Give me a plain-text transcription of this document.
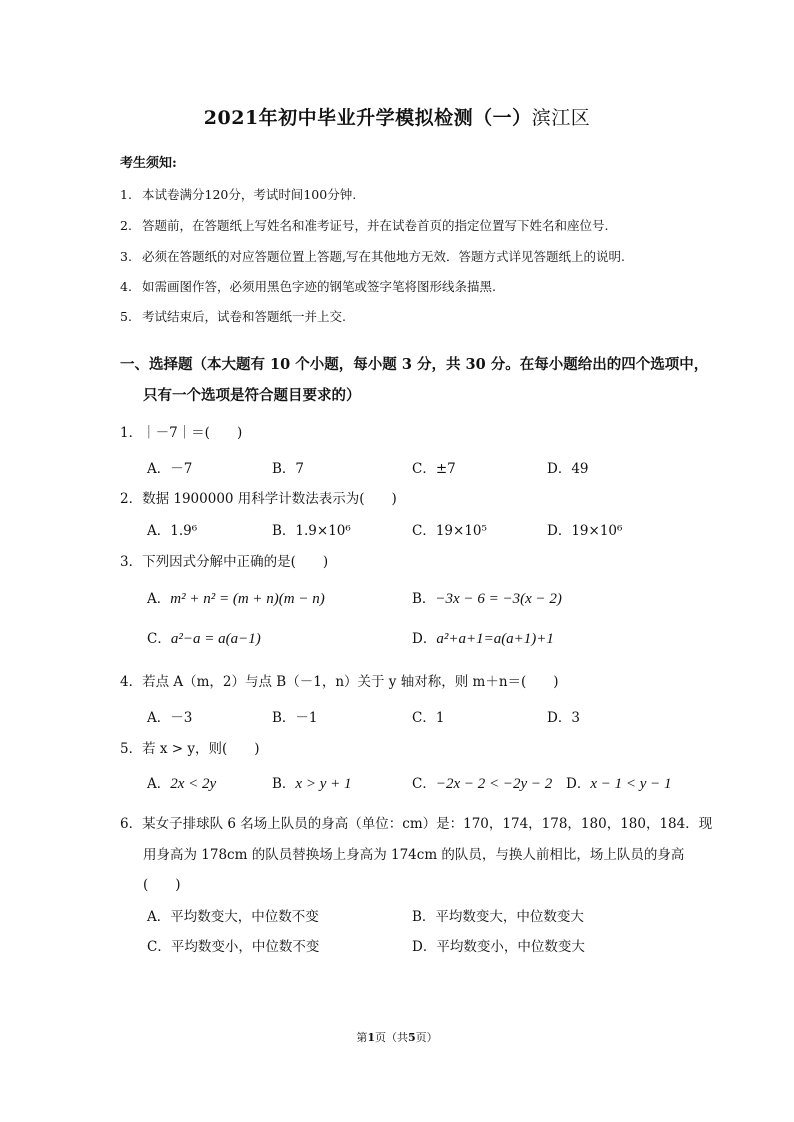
2021年初中毕业升学模拟检测（一）滨江区
考生须知:
1. 本试卷满分120分，考试时间100分钟.
2. 答题前，在答题纸上写姓名和准考证号，并在试卷首页的指定位置写下姓名和座位号.
3. 必须在答题纸的对应答题位置上答题,写在其他地方无效．答题方式详见答题纸上的说明.
4. 如需画图作答，必须用黑色字迹的钢笔或签字笔将图形线条描黑.
5. 考试结束后，试卷和答题纸一并上交.
一、选择题（本大题有 10 个小题，每小题 3 分，共 30 分。在每小题给出的四个选项中，
只有一个选项是符合题目要求的）
1．｜－7｜＝(　　)
A．－7	B．7	C．±7	D．49
2．数据 1900000 用科学计数法表示为(　　)
A．1.9⁶	B．1.9×10⁶	C．19×10⁵	D．19×10⁶
3．下列因式分解中正确的是(　　)
A．m² + n² = (m + n)(m − n)	B．−3x − 6 = −3(x − 2)
C．a²−a = a(a−1)	D．a²+a+1=a(a+1)+1
4．若点 A（m，2）与点 B（－1，n）关于 y 轴对称，则 m＋n＝(　　)
A．－3	B．－1	C．1	D．3
5．若 x > y，则(　　)
A．2x < 2y	B．x > y + 1	C．−2x − 2 < −2y − 2 D．x − 1 < y − 1
6．某女子排球队 6 名场上队员的身高（单位：cm）是：170，174，178，180，180，184．现
用身高为 178cm 的队员替换场上身高为 174cm 的队员，与换人前相比，场上队员的身高
(　　)
A．平均数变大，中位数不变	B．平均数变大，中位数变大
C．平均数变小，中位数不变	D．平均数变小，中位数变大
第1页（共5页）
